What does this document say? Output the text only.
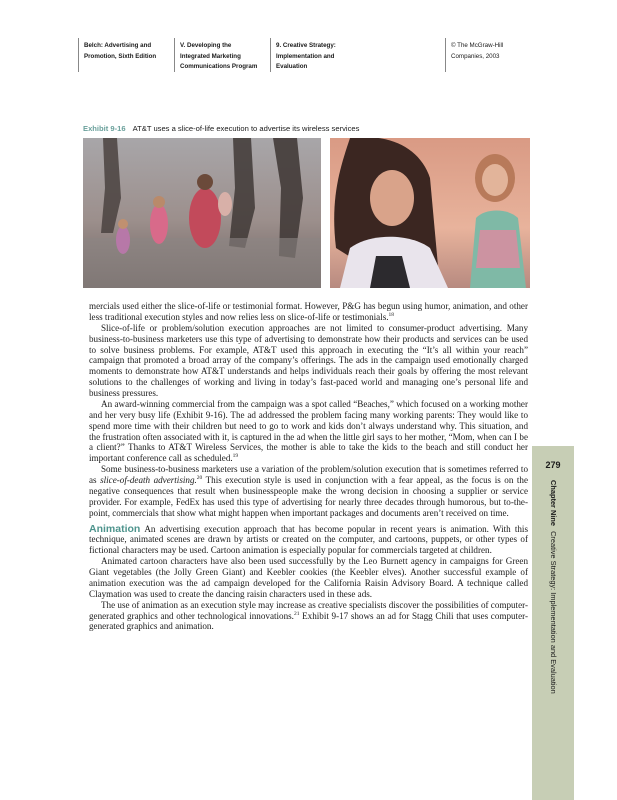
Belch: Advertising and
Promotion, Sixth Edition
V. Developing the
Integrated Marketing
Communications Program
9. Creative Strategy:
Implementation and
Evaluation
© The McGraw-Hill
Companies, 2003
Exhibit 9-16 AT&T uses a slice-of-life execution to advertise its wireless services

mercials used either the slice-of-life or testimonial format. However, P&G has begun using humor, animation, and other less traditional execution styles and now relies less on slice-of-life or testimonials.$^{18}$

Slice-of-life or problem/solution execution approaches are not limited to consumer-product advertising. Many business-to-business marketers use this type of advertising to demonstrate how their products and services can be used to solve business problems. For example, AT&T used this approach in executing the “It’s all within your reach” campaign that promoted a broad array of the company’s offerings. The ads in the campaign used emotionally charged moments to demonstrate how AT&T understands and helps individuals reach their goals by offering the most relevant solutions to the challenges of working and living in today’s fast-paced world and managing one’s personal life and business pressures.

An award-winning commercial from the campaign was a spot called “Beaches,” which focused on a working mother and her very busy life (Exhibit 9-16). The ad addressed the problem facing many working parents: They would like to spend more time with their children but need to go to work and kids don’t always understand why. This situation, and the frustration often associated with it, is captured in the ad when the little girl says to her mother, “Mom, when can I be a client?” Thanks to AT&T Wireless Services, the mother is able to take the kids to the beach and still conduct her important conference call as scheduled.$^{19}$

Some business-to-business marketers use a variation of the problem/solution execution that is sometimes referred to as slice-of-death advertising.$^{20}$ This execution style is used in conjunction with a fear appeal, as the focus is on the negative consequences that result when businesspeople make the wrong decision in choosing a supplier or service provider. For example, FedEx has used this type of advertising for nearly three decades through humorous, but to-the-point, commercials that show what might happen when important packages and documents aren’t received on time.

Animation An advertising execution approach that has become popular in recent years is animation. With this technique, animated scenes are drawn by artists or created on the computer, and cartoons, puppets, or other types of fictional characters may be used. Cartoon animation is especially popular for commercials targeted at children.

Animated cartoon characters have also been used successfully by the Leo Burnett agency in campaigns for Green Giant vegetables (the Jolly Green Giant) and Keebler cookies (the Keebler elves). Another successful example of animation execution was the ad campaign developed for the California Raisin Advisory Board. A technique called Claymation was used to create the dancing raisin characters used in these ads.

The use of animation as an execution style may increase as creative specialists discover the possibilities of computer-generated graphics and other technological innovations.$^{21}$ Exhibit 9-17 shows an ad for Stagg Chili that uses computer-generated graphics and animation.

279
Chapter Nine Creative Strategy: Implementation and Evaluation
